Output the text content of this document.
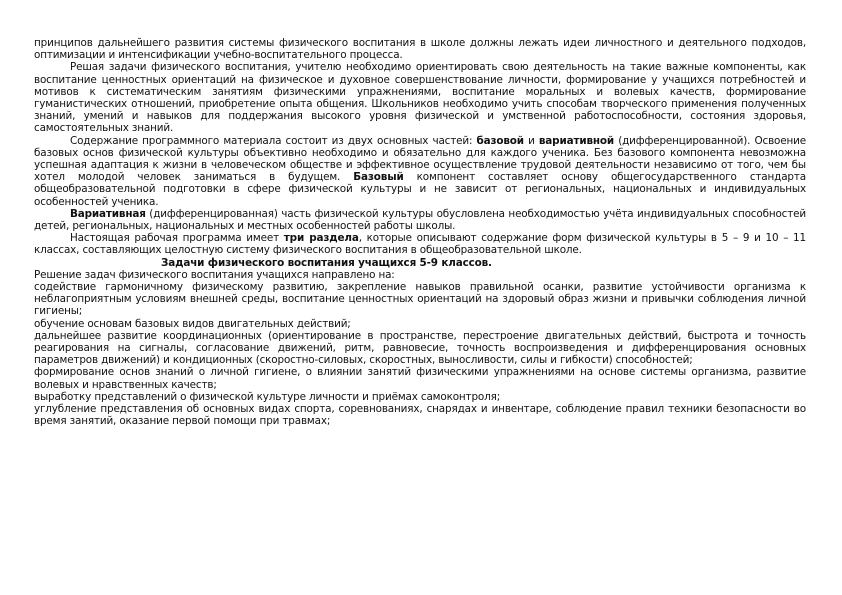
принципов дальнейшего развития системы физического воспитания в школе должны лежать идеи личностного и деятельного подходов, оптимизации и интенсификации учебно-воспитательного процесса.

Решая задачи физического воспитания, учителю необходимо ориентировать свою деятельность на такие важные компоненты, как воспитание ценностных ориентаций на физическое и духовное совершенствование личности, формирование у учащихся потребностей и мотивов к систематическим занятиям физическими упражнениями, воспитание моральных и волевых качеств, формирование гуманистических отношений, приобретение опыта общения. Школьников необходимо учить способам творческого применения полученных знаний, умений и навыков для поддержания высокого уровня физической и умственной работоспособности, состояния здоровья, самостоятельных знаний.

Содержание программного материала состоит из двух основных частей: базовой и вариативной (дифференцированной). Освоение базовых основ физической культуры объективно необходимо и обязательно для каждого ученика. Без базового компонента невозможна успешная адаптация к жизни в человеческом обществе и эффективное осуществление трудовой деятельности независимо от того, чем бы хотел молодой человек заниматься в будущем. Базовый компонент составляет основу общегосударственного стандарта общеобразовательной подготовки в сфере физической культуры и не зависит от региональных, национальных и индивидуальных особенностей ученика.

Вариативная (дифференцированная) часть физической культуры обусловлена необходимостью учёта индивидуальных способностей детей, региональных, национальных и местных особенностей работы школы.

Настоящая рабочая программа имеет три раздела, которые описывают содержание форм физической культуры в 5 – 9 и 10 – 11 классах, составляющих целостную систему физического воспитания в общеобразовательной школе.

Задачи физического воспитания учащихся 5-9 классов.

Решение задач физического воспитания учащихся направлено на:

содействие гармоничному физическому развитию, закрепление навыков правильной осанки, развитие устойчивости организма к неблагоприятным условиям внешней среды, воспитание ценностных ориентаций на здоровый образ жизни и привычки соблюдения личной гигиены;

обучение основам базовых видов двигательных действий;

дальнейшее развитие координационных (ориентирование в пространстве, перестроение двигательных действий, быстрота и точность реагирования на сигналы, согласование движений, ритм, равновесие, точность воспроизведения и дифференцирования основных параметров движений) и кондиционных (скоростно-силовых, скоростных, выносливости, силы и гибкости) способностей;

формирование основ знаний о личной гигиене, о влиянии занятий физическими упражнениями на основе системы организма, развитие волевых и нравственных качеств;

выработку представлений о физической культуре личности и приёмах самоконтроля;

углубление представления об основных видах спорта, соревнованиях, снарядах и инвентаре, соблюдение правил техники безопасности во время занятий, оказание первой помощи при травмах;
